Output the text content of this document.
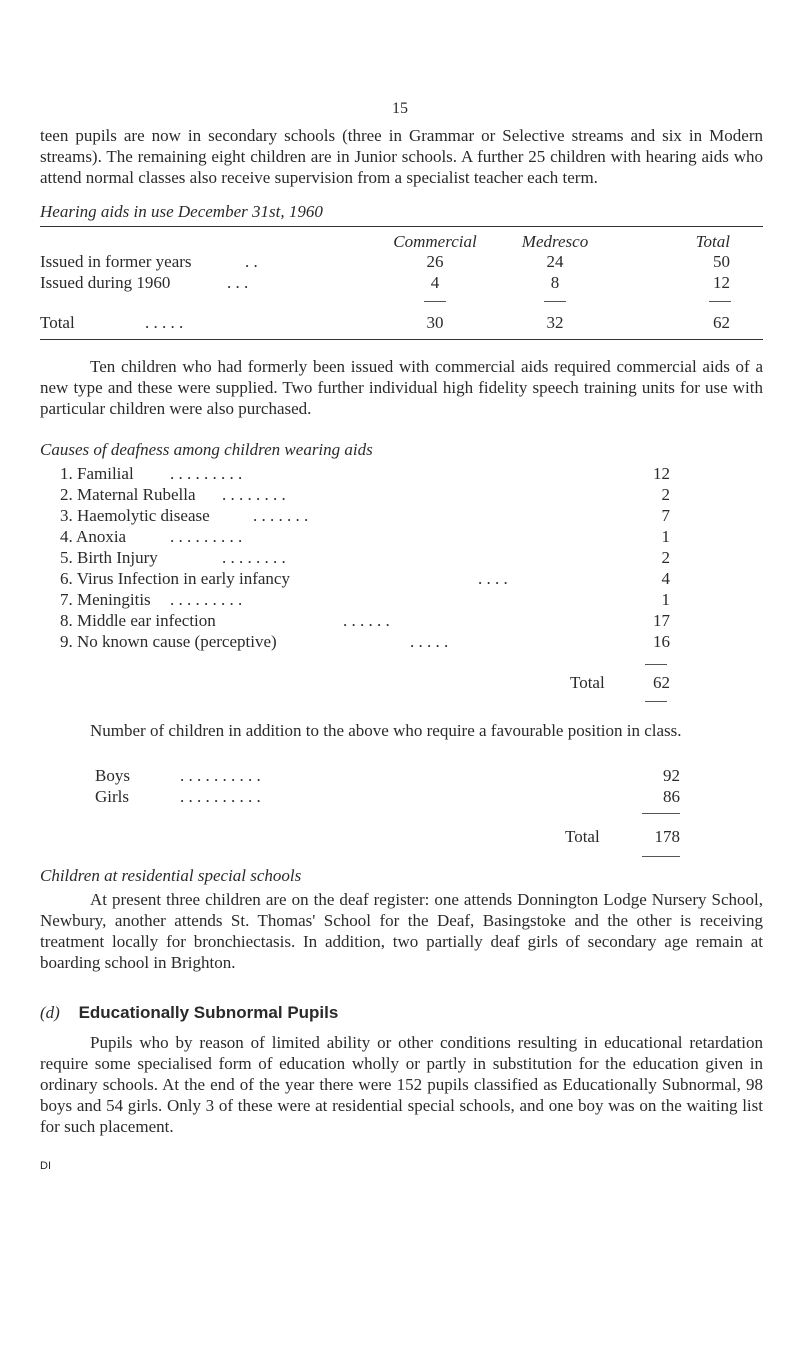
15
teen pupils are now in secondary schools (three in Grammar or Selective streams and six in Modern streams). The remaining eight children are in Junior schools. A further 25 children with hearing aids who attend normal classes also receive supervision from a specialist teacher each term.
Hearing aids in use December 31st, 1960
Commercial	Medresco	Total
Issued in former years	. .	26	24	50
Issued during 1960	. . .	4	8	12
Total	. . . . .	30	32	62
Ten children who had formerly been issued with commercial aids required commercial aids of a new type and these were supplied. Two further individual high fidelity speech training units for use with particular children were also purchased.
Causes of deafness among children wearing aids
1. Familial . . . . . . . . .	12
2. Maternal Rubella . . . . . . . .	2
3. Haemolytic disease	. . . . . . .	7
4. Anoxia	. . . . . . . . .	1
5. Birth Injury	. . . . . . . .	2
6. Virus Infection in early infancy	. . . .	4
7. Meningitis . . . . . . . . .	1
8. Middle ear infection	. . . . . .	17
9. No known cause (perceptive)	. . . . .	16
Total	62
Number of children in addition to the above who require a favourable position in class.
Boys	. . . . . . . . . .	92
Girls	. . . . . . . . . .	86
Total	178
Children at residential special schools
At present three children are on the deaf register: one attends Donnington Lodge Nursery School, Newbury, another attends St. Thomas' School for the Deaf, Basingstoke and the other is receiving treatment locally for bronchiectasis. In addition, two partially deaf girls of secondary age remain at boarding school in Brighton.
(d) Educationally Subnormal Pupils
Pupils who by reason of limited ability or other conditions resulting in educational retardation require some specialised form of education wholly or partly in substitution for the education given in ordinary schools. At the end of the year there were 152 pupils classified as Educationally Subnormal, 98 boys and 54 girls. Only 3 of these were at residential special schools, and one boy was on the waiting list for such placement.
DI
